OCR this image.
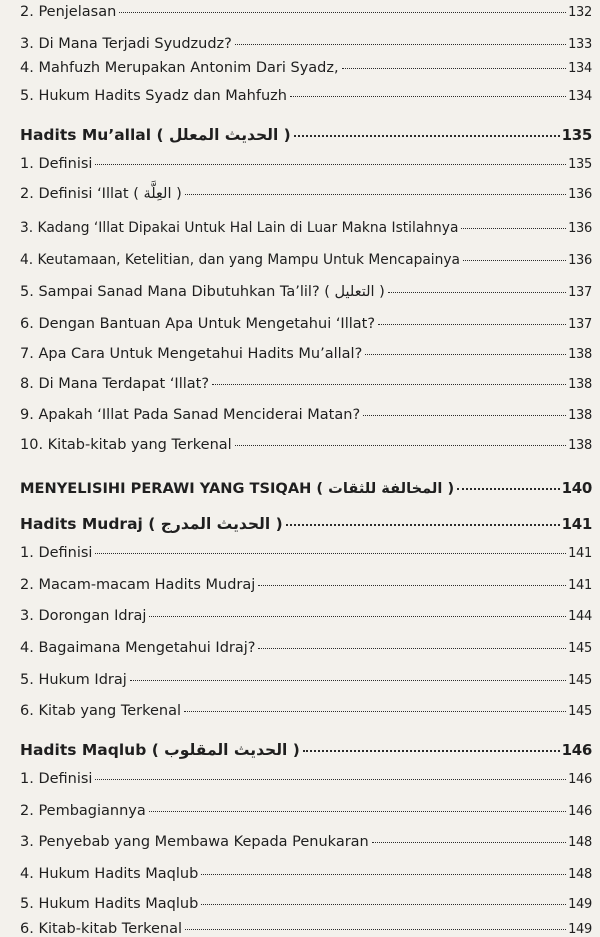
2. Penjelasan	132
3. Di Mana Terjadi Syudzudz?	133
4. Mahfuzh Merupakan Antonim Dari Syadz,	134
5. Hukum Hadits Syadz dan Mahfuzh	134
Hadits Mu’allal ( الحديث المعلل )	135
1. Definisi	135
2. Definisi ‘Illat ( العِلَّة )	136
3. Kadang ‘Illat Dipakai Untuk Hal Lain di Luar Makna Istilahnya	136
4. Keutamaan, Ketelitian, dan yang Mampu Untuk Mencapainya	136
5. Sampai Sanad Mana Dibutuhkan Ta’lil? ( التعليل )	137
6. Dengan Bantuan Apa Untuk Mengetahui ‘Illat?	137
7. Apa Cara Untuk Mengetahui Hadits Mu’allal?	138
8. Di Mana Terdapat ‘Illat?	138
9. Apakah ‘Illat Pada Sanad Menciderai Matan?	138
10. Kitab-kitab yang Terkenal	138
MENYELISIHI PERAWI YANG TSIQAH ( المخالفة للثقات )	140
Hadits Mudraj ( الحديث المدرج )	141
1. Definisi	141
2. Macam-macam Hadits Mudraj	141
3. Dorongan Idraj	144
4. Bagaimana Mengetahui Idraj?	145
5. Hukum Idraj	145
6. Kitab yang Terkenal	145
Hadits Maqlub ( الحديث المقلوب )	146
1. Definisi	146
2. Pembagiannya	146
3. Penyebab yang Membawa Kepada Penukaran	148
4. Hukum Hadits Maqlub	148
5. Hukum Hadits Maqlub	149
6. Kitab-kitab Terkenal	149
